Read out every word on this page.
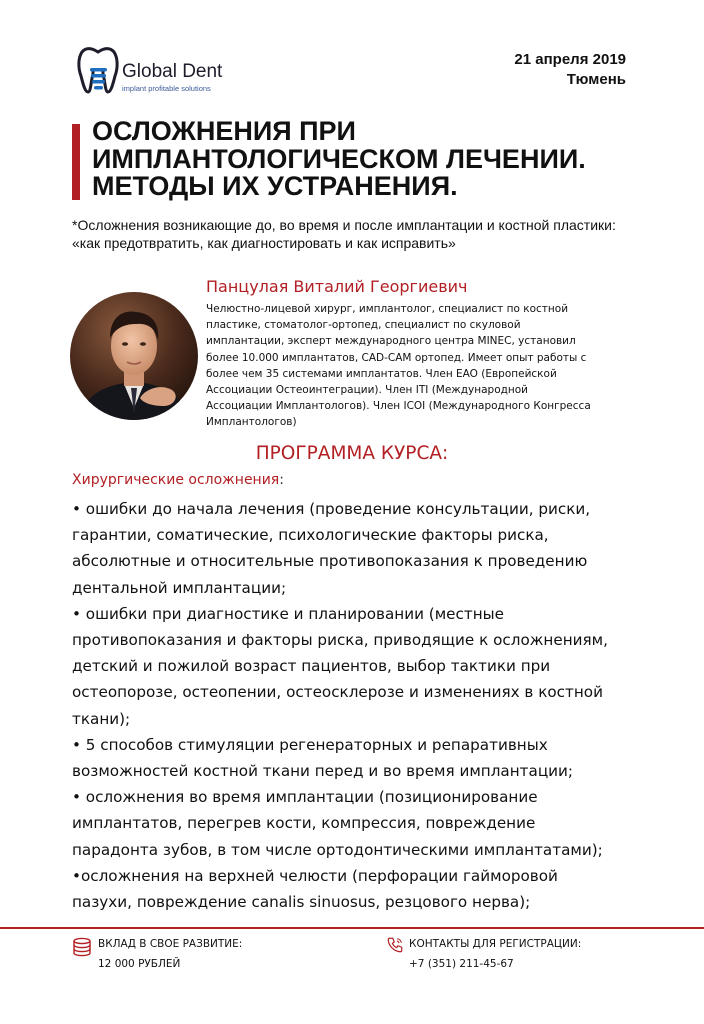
Global Dent
implant profitable solutions
21 апреля 2019
Тюмень
ОСЛОЖНЕНИЯ ПРИ
ИМПЛАНТОЛОГИЧЕСКОМ ЛЕЧЕНИИ.
МЕТОДЫ ИХ УСТРАНЕНИЯ.
*Осложнения возникающие до, во время и после имплантации и костной пластики:
«как предотвратить, как диагностировать и как исправить»
Панцулая Виталий Георгиевич
Челюстно-лицевой хирург, имплантолог, специалист по костной
пластике, стоматолог-ортопед, специалист по скуловой
имплантации, эксперт международного центра MINEC, установил
более 10.000 имплантатов, CAD-CAM ортопед. Имеет опыт работы с
более чем 35 системами имплантатов. Член EAO (Европейской
Ассоциации Остеоинтеграции). Член ITI (Международной
Ассоциации Имплантологов). Член ICOI (Международного Конгресса
Имплантологов)
ПРОГРАММА КУРСА:
Хирургические осложнения:
• ошибки до начала лечения (проведение консультации, риски,
гарантии, соматические, психологические факторы риска,
абсолютные и относительные противопоказания к проведению
дентальной имплантации;
• ошибки при диагностике и планировании (местные
противопоказания и факторы риска, приводящие к осложнениям,
детский и пожилой возраст пациентов, выбор тактики при
остеопорозе, остеопении, остеосклерозе и изменениях в костной
ткани);
• 5 способов стимуляции регенераторных и репаративных
возможностей костной ткани перед и во время имплантации;
• осложнения во время имплантации (позиционирование
имплантатов, перегрев кости, компрессия, повреждение
парадонта зубов, в том числе ортодонтическими имплантатами);
•осложнения на верхней челюсти (перфорации гайморовой
пазухи, повреждение canalis sinuosus, резцового нерва);
ВКЛАД В СВОЕ РАЗВИТИЕ:
12 000 РУБЛЕЙ
КОНТАКТЫ ДЛЯ РЕГИСТРАЦИИ:
+7 (351) 211-45-67
